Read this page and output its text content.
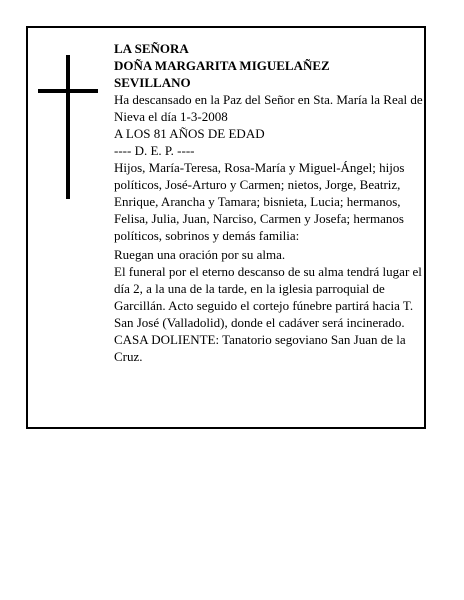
LA SEÑORA

DOÑA MARGARITA MIGUELAÑEZ

SEVILLANO

Ha descansado en la Paz del Señor en Sta. María la Real de Nieva el día 1-3-2008

A LOS 81 AÑOS DE EDAD

---- D. E. P. ----

Hijos, María-Teresa, Rosa-María y Miguel-Ángel; hijos políticos, José-Arturo y Carmen; nietos, Jorge, Beatriz, Enrique, Arancha y Tamara; bisnieta, Lucia; hermanos, Felisa, Julia, Juan, Narciso, Carmen y Josefa; hermanos políticos, sobrinos y demás familia:

Ruegan una oración por su alma.

El funeral por el eterno descanso de su alma tendrá lugar el día 2, a la una de la tarde, en la iglesia parroquial de Garcillán. Acto seguido el cortejo fúnebre partirá hacia T. San José (Valladolid), donde el cadáver será incinerado.

CASA DOLIENTE: Tanatorio segoviano San Juan de la Cruz.
